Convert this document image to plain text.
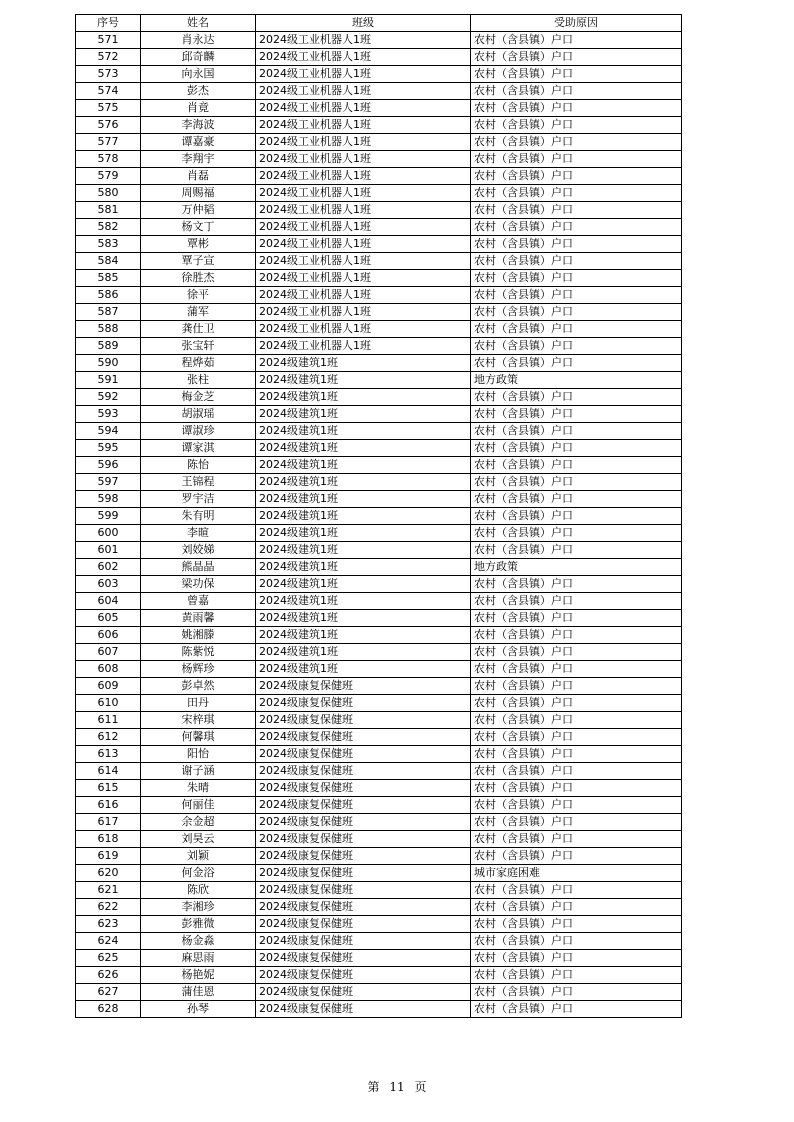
序号	姓名	班级	受助原因
571	肖永达	2024级工业机器人1班	农村（含县镇）户口
572	邱奇麟	2024级工业机器人1班	农村（含县镇）户口
573	向永国	2024级工业机器人1班	农村（含县镇）户口
574	彭杰	2024级工业机器人1班	农村（含县镇）户口
575	肖竟	2024级工业机器人1班	农村（含县镇）户口
576	李海波	2024级工业机器人1班	农村（含县镇）户口
577	谭嘉豪	2024级工业机器人1班	农村（含县镇）户口
578	李翔宇	2024级工业机器人1班	农村（含县镇）户口
579	肖磊	2024级工业机器人1班	农村（含县镇）户口
580	周赐福	2024级工业机器人1班	农村（含县镇）户口
581	万仲韬	2024级工业机器人1班	农村（含县镇）户口
582	杨文丁	2024级工业机器人1班	农村（含县镇）户口
583	覃彬	2024级工业机器人1班	农村（含县镇）户口
584	覃子宣	2024级工业机器人1班	农村（含县镇）户口
585	徐胜杰	2024级工业机器人1班	农村（含县镇）户口
586	徐平	2024级工业机器人1班	农村（含县镇）户口
587	蒲军	2024级工业机器人1班	农村（含县镇）户口
588	龚仕卫	2024级工业机器人1班	农村（含县镇）户口
589	张宝轩	2024级工业机器人1班	农村（含县镇）户口
590	程烨茹	2024级建筑1班	农村（含县镇）户口
591	张柱	2024级建筑1班	地方政策
592	梅金芝	2024级建筑1班	农村（含县镇）户口
593	胡淑瑶	2024级建筑1班	农村（含县镇）户口
594	谭淑珍	2024级建筑1班	农村（含县镇）户口
595	谭家淇	2024级建筑1班	农村（含县镇）户口
596	陈怡	2024级建筑1班	农村（含县镇）户口
597	王锦程	2024级建筑1班	农村（含县镇）户口
598	罗宇洁	2024级建筑1班	农村（含县镇）户口
599	朱有明	2024级建筑1班	农村（含县镇）户口
600	李暄	2024级建筑1班	农村（含县镇）户口
601	刘姣娣	2024级建筑1班	农村（含县镇）户口
602	熊晶晶	2024级建筑1班	地方政策
603	梁功保	2024级建筑1班	农村（含县镇）户口
604	曾嘉	2024级建筑1班	农村（含县镇）户口
605	黄雨馨	2024级建筑1班	农村（含县镇）户口
606	姚湘滕	2024级建筑1班	农村（含县镇）户口
607	陈紫悦	2024级建筑1班	农村（含县镇）户口
608	杨辉珍	2024级建筑1班	农村（含县镇）户口
609	彭卓然	2024级康复保健班	农村（含县镇）户口
610	田丹	2024级康复保健班	农村（含县镇）户口
611	宋梓琪	2024级康复保健班	农村（含县镇）户口
612	何馨琪	2024级康复保健班	农村（含县镇）户口
613	阳怡	2024级康复保健班	农村（含县镇）户口
614	谢子涵	2024级康复保健班	农村（含县镇）户口
615	朱晴	2024级康复保健班	农村（含县镇）户口
616	何丽佳	2024级康复保健班	农村（含县镇）户口
617	余金超	2024级康复保健班	农村（含县镇）户口
618	刘昊云	2024级康复保健班	农村（含县镇）户口
619	刘颖	2024级康复保健班	农村（含县镇）户口
620	何金浴	2024级康复保健班	城市家庭困难
621	陈欣	2024级康复保健班	农村（含县镇）户口
622	李湘珍	2024级康复保健班	农村（含县镇）户口
623	彭雅微	2024级康复保健班	农村（含县镇）户口
624	杨金淼	2024级康复保健班	农村（含县镇）户口
625	麻思雨	2024级康复保健班	农村（含县镇）户口
626	杨艳妮	2024级康复保健班	农村（含县镇）户口
627	蒲佳恩	2024级康复保健班	农村（含县镇）户口
628	孙琴	2024级康复保健班	农村（含县镇）户口
第 11 页
